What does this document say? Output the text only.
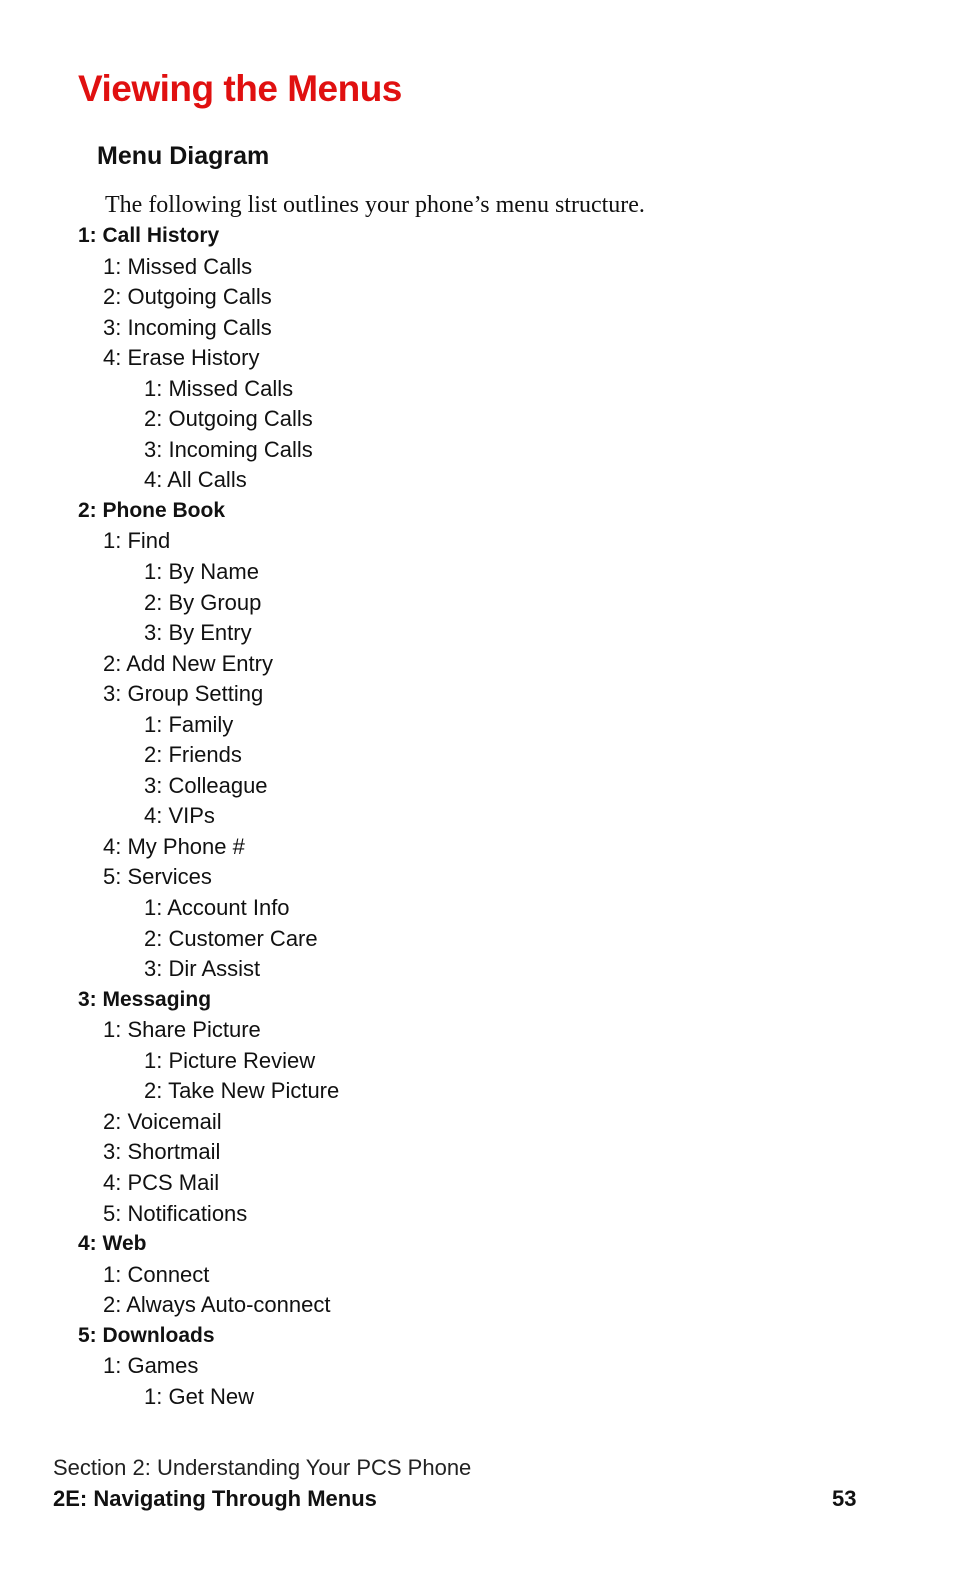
Viewing the Menus
Menu Diagram

The following list outlines your phone’s menu structure.

1: Call History
1: Missed Calls
2: Outgoing Calls
3: Incoming Calls
4: Erase History
1: Missed Calls
2: Outgoing Calls
3: Incoming Calls
4: All Calls
2: Phone Book
1: Find
1: By Name
2: By Group
3: By Entry
2: Add New Entry
3: Group Setting
1: Family
2: Friends
3: Colleague
4: VIPs
4: My Phone #
5: Services
1: Account Info
2: Customer Care
3: Dir Assist
3: Messaging
1: Share Picture
1: Picture Review
2: Take New Picture
2: Voicemail
3: Shortmail
4: PCS Mail
5: Notifications
4: Web
1: Connect
2: Always Auto-connect
5: Downloads
1: Games
1: Get New
Section 2: Understanding Your PCS Phone
2E: Navigating Through Menus	53
